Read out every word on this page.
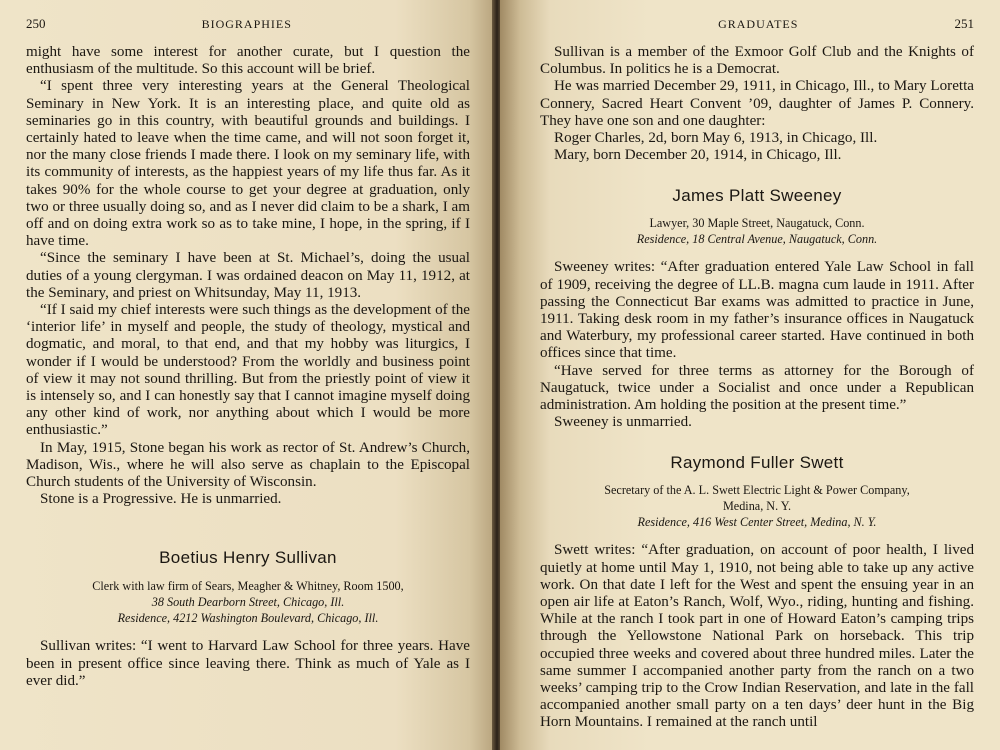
250	BIOGRAPHIES

might have some interest for another curate, but I question the enthusiasm of the multitude. So this account will be brief.

“I spent three very interesting years at the General Theological Seminary in New York. It is an interesting place, and quite old as seminaries go in this country, with beautiful grounds and buildings. I certainly hated to leave when the time came, and will not soon forget it, nor the many close friends I made there. I look on my seminary life, with its community of interests, as the happiest years of my life thus far. As it takes 90% for the whole course to get your degree at graduation, only two or three usually doing so, and as I never did claim to be a shark, I am off and on doing extra work so as to take mine, I hope, in the spring, if I have time.

“Since the seminary I have been at St. Michael’s, doing the usual duties of a young clergyman. I was ordained deacon on May 11, 1912, at the Seminary, and priest on Whitsunday, May 11, 1913.

“If I said my chief interests were such things as the development of the ‘interior life’ in myself and people, the study of theology, mystical and dogmatic, and moral, to that end, and that my hobby was liturgics, I wonder if I would be understood? From the worldly and business point of view it may not sound thrilling. But from the priestly point of view it is intensely so, and I can honestly say that I cannot imagine myself doing any other kind of work, nor anything about which I would be more enthusiastic.”

In May, 1915, Stone began his work as rector of St. Andrew’s Church, Madison, Wis., where he will also serve as chaplain to the Episcopal Church students of the University of Wisconsin.

Stone is a Progressive. He is unmarried.

Boetius Henry Sullivan

Clerk with law firm of Sears, Meagher & Whitney, Room 1500,

38 South Dearborn Street, Chicago, Ill.

Residence, 4212 Washington Boulevard, Chicago, Ill.

Sullivan writes: “I went to Harvard Law School for three years. Have been in present office since leaving there. Think as much of Yale as I ever did.”

GRADUATES	251

Sullivan is a member of the Exmoor Golf Club and the Knights of Columbus. In politics he is a Democrat.

He was married December 29, 1911, in Chicago, Ill., to Mary Loretta Connery, Sacred Heart Convent ’09, daughter of James P. Connery. They have one son and one daughter:

Roger Charles, 2d, born May 6, 1913, in Chicago, Ill.
Mary, born December 20, 1914, in Chicago, Ill.
James Platt Sweeney

Lawyer, 30 Maple Street, Naugatuck, Conn.

Residence, 18 Central Avenue, Naugatuck, Conn.

Sweeney writes: “After graduation entered Yale Law School in fall of 1909, receiving the degree of LL.B. magna cum laude in 1911. After passing the Connecticut Bar exams was admitted to practice in June, 1911. Taking desk room in my father’s insurance offices in Naugatuck and Waterbury, my professional career started. Have continued in both offices since that time.

“Have served for three terms as attorney for the Borough of Naugatuck, twice under a Socialist and once under a Republican administration. Am holding the position at the present time.”

Sweeney is unmarried.

Raymond Fuller Swett

Secretary of the A. L. Swett Electric Light & Power Company,

Medina, N. Y.

Residence, 416 West Center Street, Medina, N. Y.

Swett writes: “After graduation, on account of poor health, I lived quietly at home until May 1, 1910, not being able to take up any active work. On that date I left for the West and spent the ensuing year in an open air life at Eaton’s Ranch, Wolf, Wyo., riding, hunting and fishing. While at the ranch I took part in one of Howard Eaton’s camping trips through the Yellowstone National Park on horseback. This trip occupied three weeks and covered about three hundred miles. Later the same summer I accompanied another party from the ranch on a two weeks’ camping trip to the Crow Indian Reservation, and late in the fall accompanied another small party on a ten days’ deer hunt in the Big Horn Mountains. I remained at the ranch until
